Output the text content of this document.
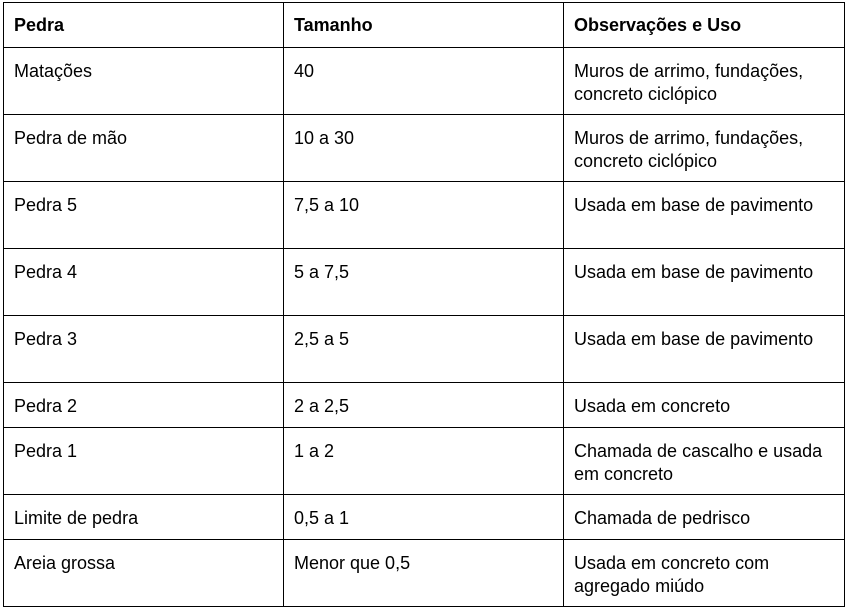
Pedra	Tamanho	Observações e Uso
Matações	40	Muros de arrimo, fundações, concreto ciclópico
Pedra de mão	10 a 30	Muros de arrimo, fundações, concreto ciclópico
Pedra 5	7,5 a 10	Usada em base de pavimento
Pedra 4	5 a 7,5	Usada em base de pavimento
Pedra 3	2,5 a 5	Usada em base de pavimento
Pedra 2	2 a 2,5	Usada em concreto
Pedra 1	1 a 2	Chamada de cascalho e usada em concreto
Limite de pedra	0,5 a 1	Chamada de pedrisco
Areia grossa	Menor que 0,5	Usada em concreto com agregado miúdo
